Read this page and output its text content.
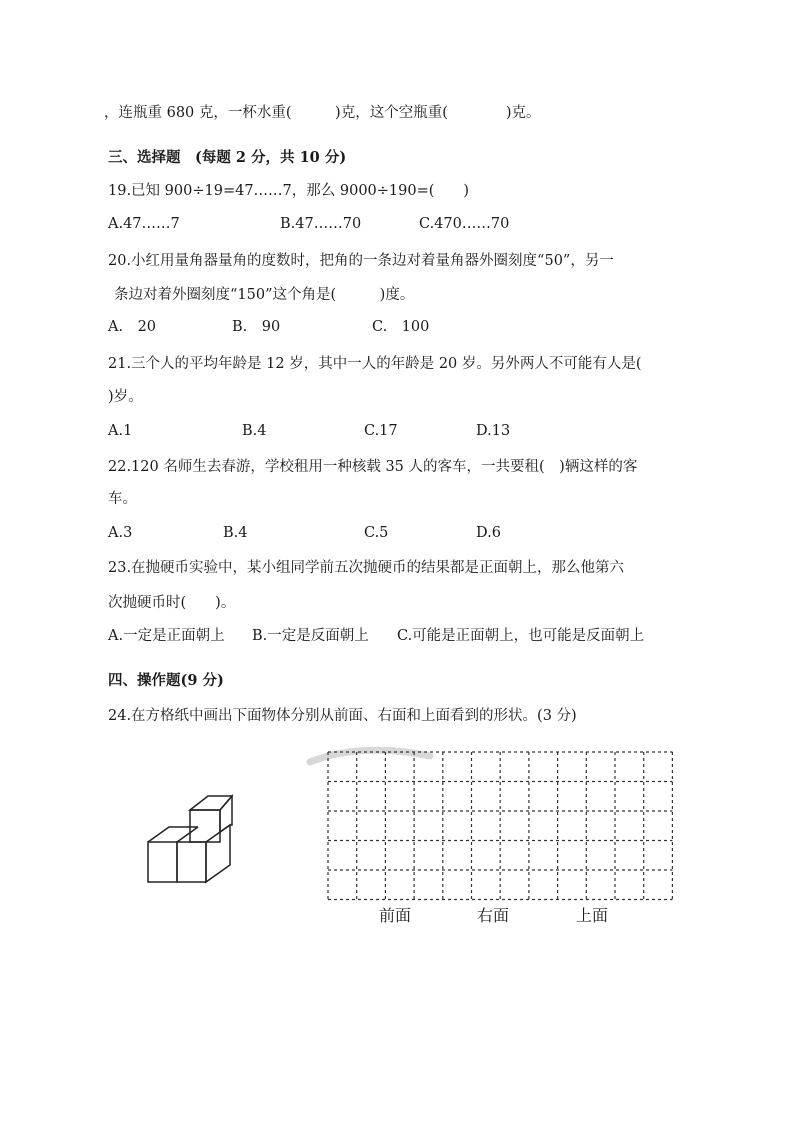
，连瓶重 680 克，一杯水重(　　　)克，这个空瓶重(　　　　)克。
三、选择题　(每题 2 分，共 10 分)
19.已知 900÷19=47……7，那么 9000÷190=(　　)
A.47……7	B.47……70	C.470……70
20.小红用量角器量角的度数时，把角的一条边对着量角器外圈刻度“50”，另一
条边对着外圈刻度“150”这个角是(　　　)度。
A.　20	B.　90	C.　100
21.三个人的平均年龄是 12 岁，其中一人的年龄是 20 岁。另外两人不可能有人是(
)岁。
A.1	B.4	C.17	D.13
22.120 名师生去春游，学校租用一种核载 35 人的客车，一共要租(　)辆这样的客
车。
A.3	B.4	C.5	D.6
23.在抛硬币实验中，某小组同学前五次抛硬币的结果都是正面朝上，那么他第六
次抛硬币时(　　)。
A.一定是正面朝上 B.一定是反面朝上 C.可能是正面朝上，也可能是反面朝上
四、操作题(9 分)
24.在方格纸中画出下面物体分别从前面、右面和上面看到的形状。(3 分)
前面	右面	上面
